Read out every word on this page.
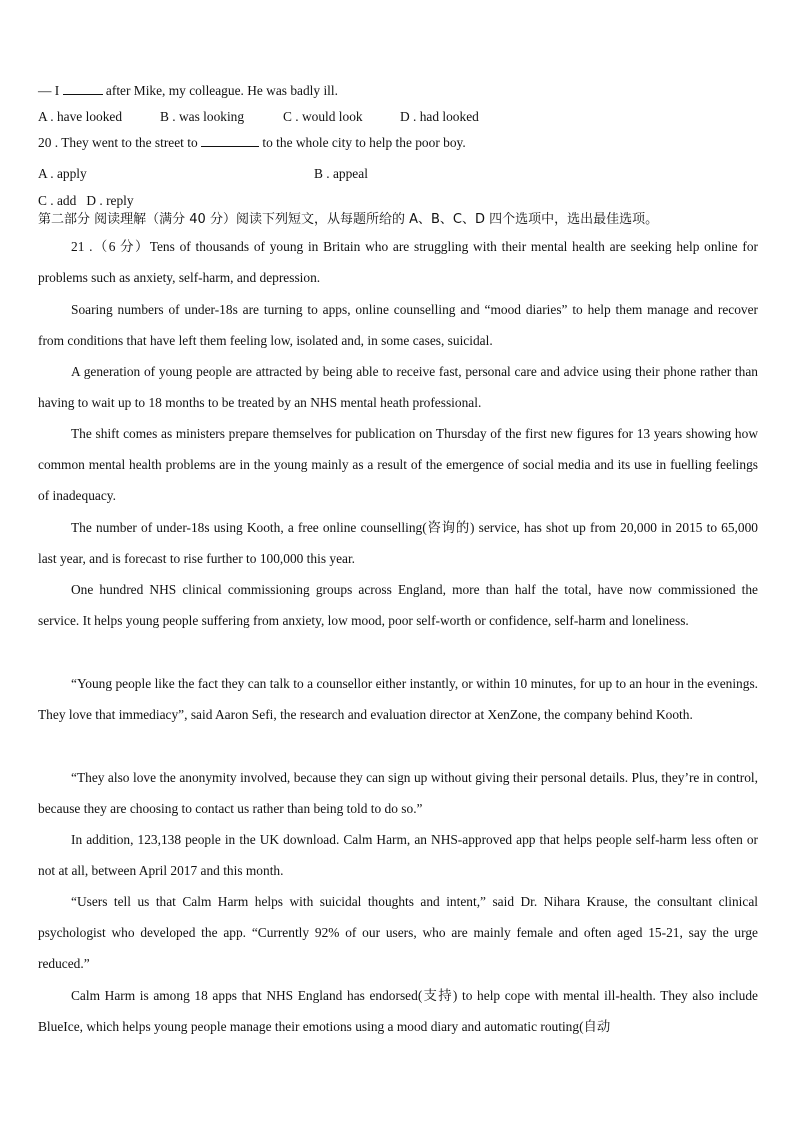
— I	after Mike, my colleague. He was badly ill.
A . have looked	B . was looking	C . would look	D . had looked
20 . They went to the street to	to the whole city to help the poor boy.
A . apply	B . appeal
C . add   D . reply
第二部分 阅读理解（满分 40 分）阅读下列短文，从每题所给的 A、B、C、D 四个选项中，选出最佳选项。
21 .（6 分）Tens of thousands of young in Britain who are struggling with their mental health are seeking help online for problems such as anxiety, self-harm, and depression.
Soaring numbers of under-18s are turning to apps, online counselling and “mood diaries” to help them manage and recover from conditions that have left them feeling low, isolated and, in some cases, suicidal.
A generation of young people are attracted by being able to receive fast, personal care and advice using their phone rather than having to wait up to 18 months to be treated by an NHS mental heath professional.
The shift comes as ministers prepare themselves for publication on Thursday of the first new figures for 13 years showing how common mental health problems are in the young mainly as a result of the emergence of social media and its use in fuelling feelings of inadequacy.
The number of under-18s using Kooth, a free online counselling(咨询的) service, has shot up from 20,000 in 2015 to 65,000 last year, and is forecast to rise further to 100,000 this year.
One hundred NHS clinical commissioning groups across England, more than half the total, have now commissioned the service. It helps young people suffering from anxiety, low mood, poor self-worth or confidence, self-harm and loneliness.
“Young people like the fact they can talk to a counsellor either instantly, or within 10 minutes, for up to an hour in the evenings. They love that immediacy”, said Aaron Sefi, the research and evaluation director at XenZone, the company behind Kooth.
“They also love the anonymity involved, because they can sign up without giving their personal details. Plus, they’re in control, because they are choosing to contact us rather than being told to do so.”
In addition, 123,138 people in the UK download. Calm Harm, an NHS-approved app that helps people self-harm less often or not at all, between April 2017 and this month.
“Users tell us that Calm Harm helps with suicidal thoughts and intent,” said Dr. Nihara Krause, the consultant clinical psychologist who developed the app. “Currently 92% of our users, who are mainly female and often aged 15-21, say the urge reduced.”
Calm Harm is among 18 apps that NHS England has endorsed(支持) to help cope with mental ill-health. They also include BlueIce, which helps young people manage their emotions using a mood diary and automatic routing(自动
